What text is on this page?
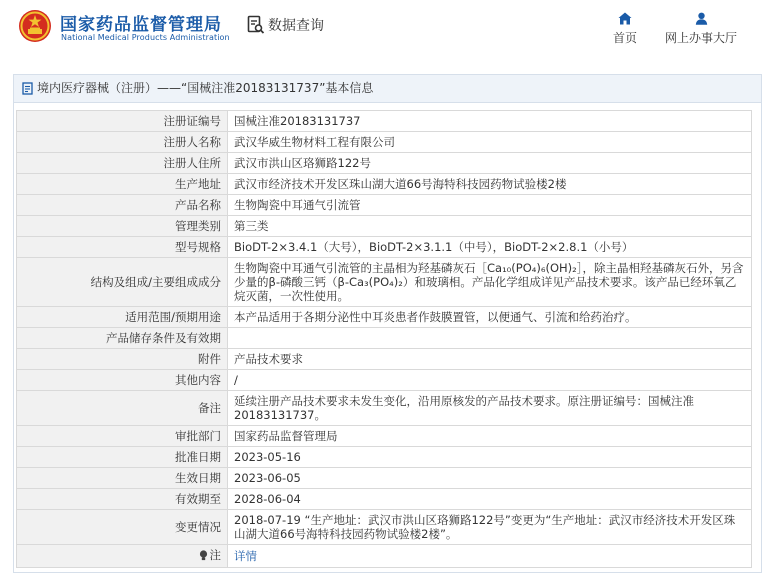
国家药品监督管理局
National Medical Products Administration
数据查询
首页	网上办事大厅
境内医疗器械（注册）——“国械注准20183131737”基本信息
注册证编号	国械注准20183131737
注册人名称	武汉华威生物材料工程有限公司
注册人住所	武汉市洪山区珞狮路122号
生产地址	武汉市经济技术开发区珠山湖大道66号海特科技园药物试验楼2楼
产品名称	生物陶瓷中耳通气引流管
管理类别	第三类
型号规格	BioDT-2×3.4.1（大号），BioDT-2×3.1.1（中号），BioDT-2×2.8.1（小号）
结构及组成/主要组成成分	生物陶瓷中耳通气引流管的主晶相为羟基磷灰石［Ca₁₀(PO₄)₆(OH)₂］，除主晶相羟基磷灰石外，另含少量的β-磷酸三钙（β-Ca₃(PO₄)₂）和玻璃相。产品化学组成详见产品技术要求。该产品已经环氧乙烷灭菌，一次性使用。
适用范围/预期用途	本产品适用于各期分泌性中耳炎患者作鼓膜置管，以便通气、引流和给药治疗。
产品储存条件及有效期	
附件	产品技术要求
其他内容	/
备注	延续注册产品技术要求未发生变化，沿用原核发的产品技术要求。原注册证编号：国械注准20183131737。
审批部门	国家药品监督管理局
批准日期	2023-05-16
生效日期	2023-06-05
有效期至	2028-06-04
变更情况	2018-07-19 “生产地址：武汉市洪山区珞狮路122号”变更为“生产地址：武汉市经济技术开发区珠山湖大道66号海特科技园药物试验楼2楼”。

注	详情
